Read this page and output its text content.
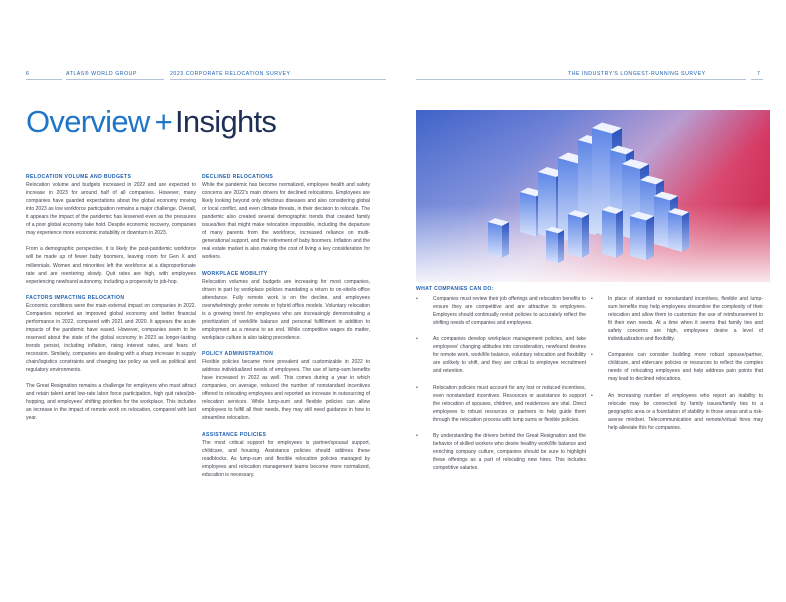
6	ATLAS® WORLD GROUP	2023 CORPORATE RELOCATION SURVEY	THE INDUSTRY'S LONGEST-RUNNING SURVEY	7
Overview +Insights
RELOCATION VOLUME AND BUDGETS

Relocation volume and budgets increased in 2022 and are expected to increase in 2023 for around half of all companies. However, many companies have guarded expectations about the global economy moving into 2023 as low workforce participation remains a major challenge. Overall, it appears the impact of the pandemic has lessened even as the pressures of a poor global economy take hold. Despite economic recovery, companies may experience more economic instability or downturn in 2023.

From a demographic perspective, it is likely the post-pandemic workforce will be made up of fewer baby boomers, leaving room for Gen X and millennials. Women and minorities left the workforce at a disproportionate rate and are reentering slowly. Quit rates are high, with employees experiencing newfound autonomy, including a propensity to job-hop.

FACTORS IMPACTING RELOCATION

Economic conditions were the main external impact on companies in 2022. Companies reported an improved global economy and better financial performance in 2022, compared with 2021 and 2020. It appears the acute impacts of the pandemic have eased. However, companies seem to be reserved about the state of the global economy in 2023 as longer-lasting trends persist, including inflation, rising interest rates, and fears of recession. Similarly, companies are dealing with a sharp increase in supply chain/logistics constraints and changing tax policy as well as political and regulatory environments.

The Great Resignation remains a challenge for employers who must attract and retain talent amid low-rate labor force participation, high quit rates/job-hopping, and employees' shifting priorities for the workplace. This includes an increase in the impact of remote work on relocation, compared with last year.

DECLINED RELOCATIONS

While the pandemic has become normalized, employee health and safety concerns are 2022's main drivers for declined relocations. Employees are likely looking beyond only infectious diseases and also considering global or local conflict, and even climate threats, in their decision to relocate. The pandemic also created several demographic trends that created family issues/ties that might make relocation impossible, including the departure of many parents from the workforce, increased reliance on multi-generational support, and the retirement of baby boomers. Inflation and the real estate market is also making the cost of living a key consideration for workers.

WORKPLACE MOBILITY

Relocation volumes and budgets are increasing for most companies, driven in part by workplace policies mandating a return to on-site/in-office attendance. Fully remote work is on the decline, and employees overwhelmingly prefer remote or hybrid office models. Voluntary relocation is a growing trend for employees who are increasingly demonstrating a prioritization of work/life balance and personal fulfillment in addition to employment as a means to an end. While competitive wages do matter, workplace culture is also taking precedence.

POLICY ADMINISTRATION

Flexible policies became more prevalent and customizable in 2022 to address individualized needs of employees. The use of lump-sum benefits have increased in 2022 as well. This comes during a year in which companies, on average, reduced the number of nonstandard incentives offered to relocating employees and reported an increase in outsourcing of relocation services. While lump-sum and flexible policies can allow employees to fulfill all their needs, they may still need guidance in how to streamline relocation.

ASSISTANCE POLICIES

The most critical support for employees is partner/spousal support, childcare, and housing. Assistance policies should address these roadblocks. As lump-sum and flexible relocation policies managed by employees and relocation management teams become more normalized, education is necessary.

WHAT COMPANIES CAN DO:
• Companies must review their job offerings and relocation benefits to ensure they are competitive and are attractive to employees. Employers should continually revisit policies to accurately reflect the shifting needs of companies and employees.
• As companies develop workplace management policies, and take employees' changing attitudes into consideration, newfound desires for remote work, work/life balance, voluntary relocation and flexibility are unlikely to shift, and they are critical to employee recruitment and retention.
• Relocation policies must account for any lost or reduced incentives, even nonstandard incentives. Resources or assistance to support the relocation of spouses, children, and residences are vital. Direct employees to robust resources or partners to help guide them through the relocation process with lump sums or flexible policies.
• By understanding the drivers behind the Great Resignation and the behavior of skilled workers who desire healthy work/life balance and enriching company culture, companies should be sure to highlight these offerings as a part of relocating new hires. This includes competitive salaries.
• In place of standard or nonstandard incentives, flexible and lump-sum benefits may help employees streamline the complexity of their relocation and allow them to customize the use of reimbursement to fit their own needs. At a time when it seems that family ties and safety concerns are high, employees desire a level of individualization and flexibility.
• Companies can consider building more robust spouse/partner, childcare, and eldercare policies or resources to reflect the complex needs of relocating employees and help address pain points that may lead to declined relocations.
• An increasing number of employees who report an inability to relocate may be connected by family issues/family ties to a geographic area or a foundation of stability in those areas and a risk-averse mindset. Telecommunication and remote/virtual hires may help alleviate this for companies.
